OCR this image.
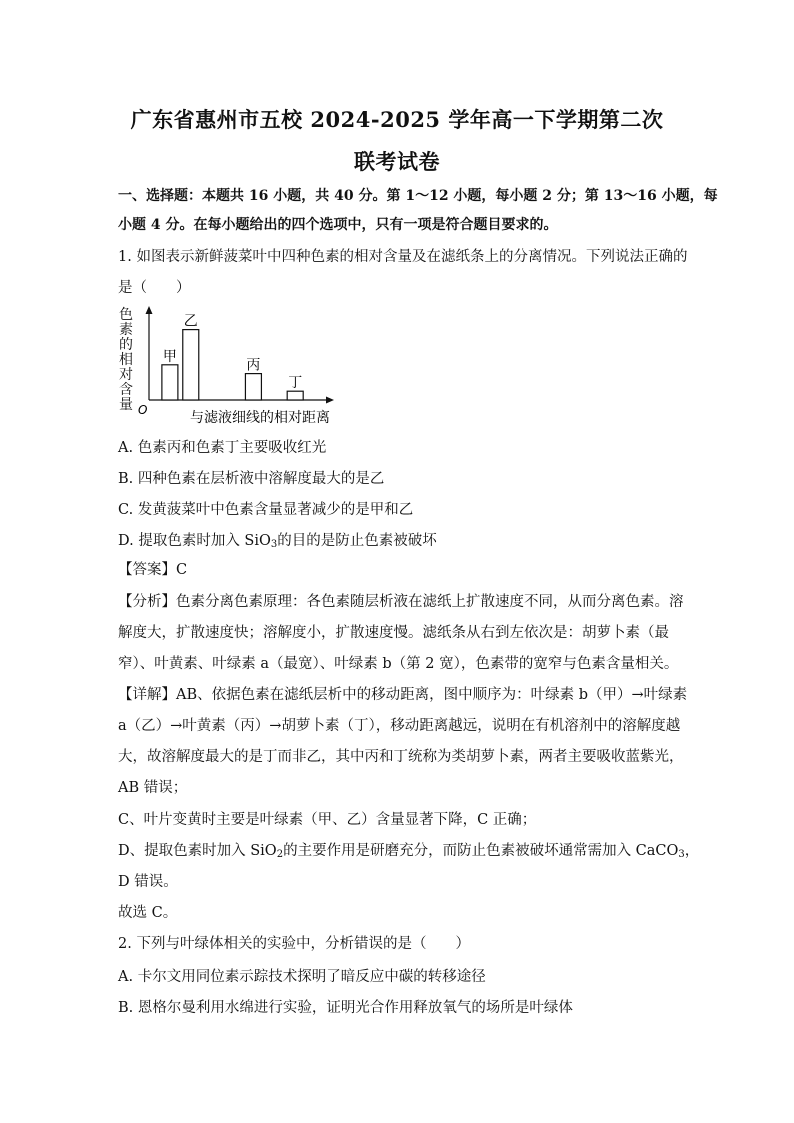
广东省惠州市五校 2024-2025 学年高一下学期第二次
联考试卷
一、选择题：本题共 16 小题，共 40 分。第 1～12 小题，每小题 2 分；第 13～16 小题，每
小题 4 分。在每小题给出的四个选项中，只有一项是符合题目要求的。
1. 如图表示新鲜菠菜叶中四种色素的相对含量及在滤纸条上的分离情况。下列说法正确的
是（　　）
色
素
的
相
对
含
量 O	与滤液细线的相对距离
甲
乙
丙
丁
A. 色素丙和色素丁主要吸收红光
B. 四种色素在层析液中溶解度最大的是乙
C. 发黄菠菜叶中色素含量显著减少的是甲和乙
D. 提取色素时加入 SiO$_3$的目的是防止色素被破坏
【答案】C
【分析】色素分离色素原理：各色素随层析液在滤纸上扩散速度不同，从而分离色素。溶
解度大，扩散速度快；溶解度小，扩散速度慢。滤纸条从右到左依次是：胡萝卜素（最
窄）、叶黄素、叶绿素 a（最宽）、叶绿素 b（第 2 宽），色素带的宽窄与色素含量相关。
【详解】AB、依据色素在滤纸层析中的移动距离，图中顺序为：叶绿素 b（甲）→叶绿素
a（乙）→叶黄素（丙）→胡萝卜素（丁），移动距离越远，说明在有机溶剂中的溶解度越
大，故溶解度最大的是丁而非乙，其中丙和丁统称为类胡萝卜素，两者主要吸收蓝紫光，
AB 错误；
C、叶片变黄时主要是叶绿素（甲、乙）含量显著下降，C 正确；
D、提取色素时加入 SiO$_2$的主要作用是研磨充分，而防止色素被破坏通常需加入 CaCO$_3$，
D 错误。
故选 C。
2. 下列与叶绿体相关的实验中，分析错误的是（　　）
A. 卡尔文用同位素示踪技术探明了暗反应中碳的转移途径
B. 恩格尔曼利用水绵进行实验，证明光合作用释放氧气的场所是叶绿体
